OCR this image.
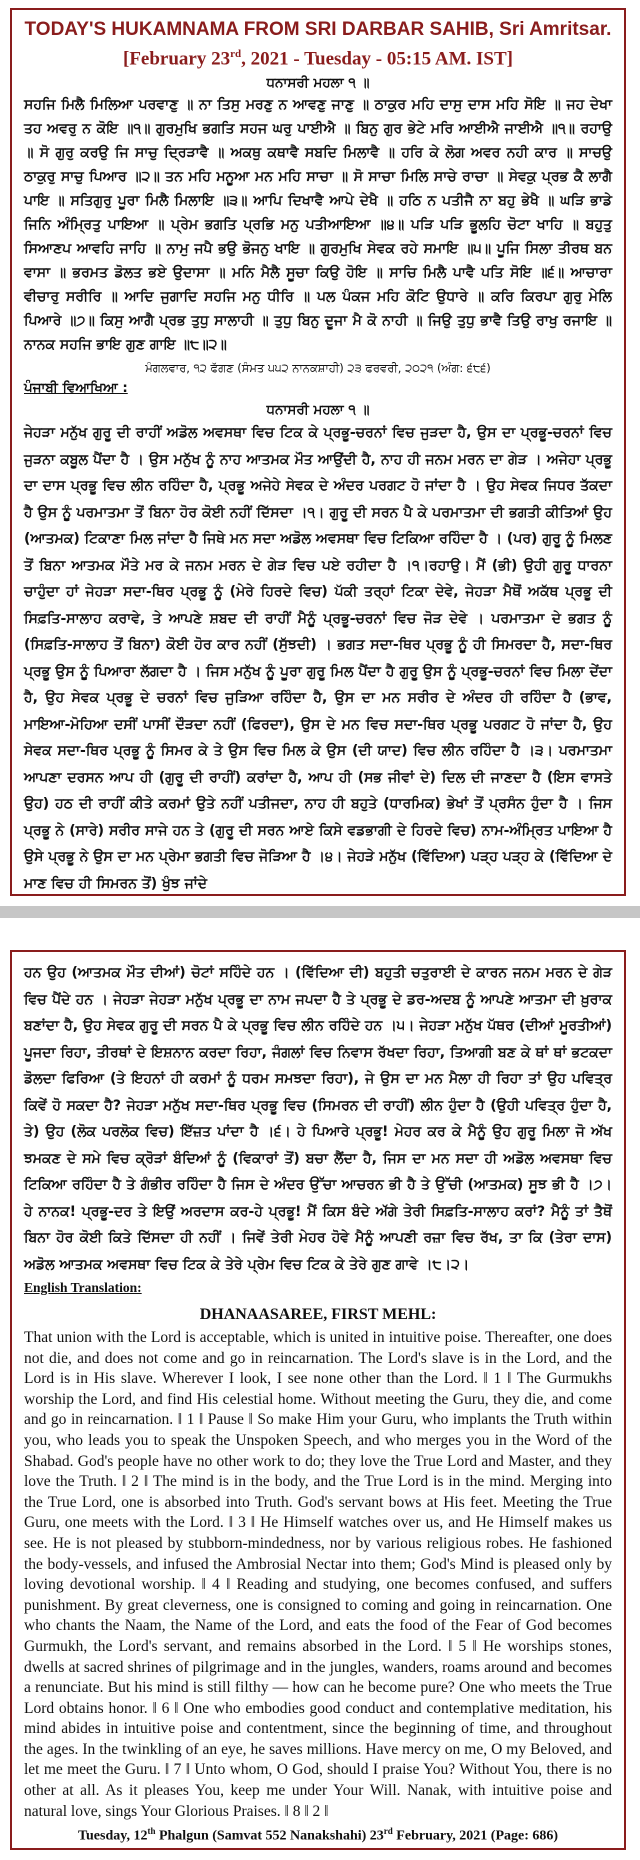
TODAY'S HUKAMNAMA FROM SRI DARBAR SAHIB, Sri Amritsar.

[February 23rd, 2021 - Tuesday - 05:15 AM. IST]

ਧਨਾਸਰੀ ਮਹਲਾ ੧ ॥

ਸਹਜਿ ਮਿਲੈ ਮਿਲਿਆ ਪਰਵਾਣੁ ॥ ਨਾ ਤਿਸੁ ਮਰਣੁ ਨ ਆਵਣੁ ਜਾਣੁ ॥ ਠਾਕੁਰ ਮਹਿ ਦਾਸੁ ਦਾਸ ਮਹਿ ਸੋਇ ॥ ਜਹ ਦੇਖਾ ਤਹ ਅਵਰੁ ਨ ਕੋਇ ॥੧॥ ਗੁਰਮੁਖਿ ਭਗਤਿ ਸਹਜ ਘਰੁ ਪਾਈਐ ॥ ਬਿਨੁ ਗੁਰ ਭੇਟੇ ਮਰਿ ਆਈਐ ਜਾਈਐ ॥੧॥ ਰਹਾਉ ॥ ਸੋ ਗੁਰੁ ਕਰਉ ਜਿ ਸਾਚੁ ਦ੍ਰਿੜਾਵੈ ॥ ਅਕਥੁ ਕਥਾਵੈ ਸਬਦਿ ਮਿਲਾਵੈ ॥ ਹਰਿ ਕੇ ਲੋਗ ਅਵਰ ਨਹੀ ਕਾਰ ॥ ਸਾਚਉ ਠਾਕੁਰੁ ਸਾਚੁ ਪਿਆਰ ॥੨॥ ਤਨ ਮਹਿ ਮਨੂਆ ਮਨ ਮਹਿ ਸਾਚਾ ॥ ਸੋ ਸਾਚਾ ਮਿਲਿ ਸਾਚੇ ਰਾਚਾ ॥ ਸੇਵਕੁ ਪ੍ਰਭ ਕੈ ਲਾਗੈ ਪਾਇ ॥ ਸਤਿਗੁਰੁ ਪੂਰਾ ਮਿਲੈ ਮਿਲਾਇ ॥੩॥ ਆਪਿ ਦਿਖਾਵੈ ਆਪੇ ਦੇਖੈ ॥ ਹਠਿ ਨ ਪਤੀਜੈ ਨਾ ਬਹੁ ਭੇਖੈ ॥ ਘੜਿ ਭਾਡੇ ਜਿਨਿ ਅੰਮ੍ਰਿਤੁ ਪਾਇਆ ॥ ਪ੍ਰੇਮ ਭਗਤਿ ਪ੍ਰਭਿ ਮਨੁ ਪਤੀਆਇਆ ॥੪॥ ਪੜਿ ਪੜਿ ਭੂਲਹਿ ਚੋਟਾ ਖਾਹਿ ॥ ਬਹੁਤੁ ਸਿਆਣਪ ਆਵਹਿ ਜਾਹਿ ॥ ਨਾਮੁ ਜਪੈ ਭਉ ਭੋਜਨੁ ਖਾਇ ॥ ਗੁਰਮੁਖਿ ਸੇਵਕ ਰਹੇ ਸਮਾਇ ॥੫॥ ਪੂਜਿ ਸਿਲਾ ਤੀਰਥ ਬਨ ਵਾਸਾ ॥ ਭਰਮਤ ਡੋਲਤ ਭਏ ਉਦਾਸਾ ॥ ਮਨਿ ਮੈਲੈ ਸੂਚਾ ਕਿਉ ਹੋਇ ॥ ਸਾਚਿ ਮਿਲੈ ਪਾਵੈ ਪਤਿ ਸੋਇ ॥੬॥ ਆਚਾਰਾ ਵੀਚਾਰੁ ਸਰੀਰਿ ॥ ਆਦਿ ਜੁਗਾਦਿ ਸਹਜਿ ਮਨੁ ਧੀਰਿ ॥ ਪਲ ਪੰਕਜ ਮਹਿ ਕੋਟਿ ਉਧਾਰੇ ॥ ਕਰਿ ਕਿਰਪਾ ਗੁਰੁ ਮੇਲਿ ਪਿਆਰੇ ॥੭॥ ਕਿਸੁ ਆਗੈ ਪ੍ਰਭ ਤੁਧੁ ਸਾਲਾਹੀ ॥ ਤੁਧੁ ਬਿਨੁ ਦੂਜਾ ਮੈ ਕੋ ਨਾਹੀ ॥ ਜਿਉ ਤੁਧੁ ਭਾਵੈ ਤਿਉ ਰਾਖੁ ਰਜਾਇ ॥ ਨਾਨਕ ਸਹਜਿ ਭਾਇ ਗੁਣ ਗਾਇ ॥੮॥੨॥

ਮੰਗਲਵਾਰ, ੧੨ ਫੱਗਣ (ਸੰਮਤ ੫੫੨ ਨਾਨਕਸ਼ਾਹੀ) ੨੩ ਫਰਵਰੀ, ੨੦੨੧ (ਅੰਗ: ੬੮੬)

ਪੰਜਾਬੀ ਵਿਆਖਿਆ :

ਧਨਾਸਰੀ ਮਹਲਾ ੧ ॥

ਜੇਹੜਾ ਮਨੁੱਖ ਗੁਰੂ ਦੀ ਰਾਹੀਂ ਅਡੋਲ ਅਵਸਥਾ ਵਿਚ ਟਿਕ ਕੇ ਪ੍ਰਭੂ-ਚਰਨਾਂ ਵਿਚ ਜੁੜਦਾ ਹੈ, ਉਸ ਦਾ ਪ੍ਰਭੂ-ਚਰਨਾਂ ਵਿਚ ਜੁੜਨਾ ਕਬੂਲ ਪੈਂਦਾ ਹੈ । ਉਸ ਮਨੁੱਖ ਨੂੰ ਨਾਹ ਆਤਮਕ ਮੌਤ ਆਉਂਦੀ ਹੈ, ਨਾਹ ਹੀ ਜਨਮ ਮਰਨ ਦਾ ਗੇੜ । ਅਜੇਹਾ ਪ੍ਰਭੂ ਦਾ ਦਾਸ ਪ੍ਰਭੂ ਵਿਚ ਲੀਨ ਰਹਿੰਦਾ ਹੈ, ਪ੍ਰਭੂ ਅਜੇਹੇ ਸੇਵਕ ਦੇ ਅੰਦਰ ਪਰਗਟ ਹੋ ਜਾਂਦਾ ਹੈ । ਉਹ ਸੇਵਕ ਜਿਧਰ ਤੱਕਦਾ ਹੈ ਉਸ ਨੂੰ ਪਰਮਾਤਮਾ ਤੋਂ ਬਿਨਾ ਹੋਰ ਕੋਈ ਨਹੀਂ ਦਿੱਸਦਾ ।੧। ਗੁਰੂ ਦੀ ਸਰਨ ਪੈ ਕੇ ਪਰਮਾਤਮਾ ਦੀ ਭਗਤੀ ਕੀਤਿਆਂ ਉਹ (ਆਤਮਕ) ਟਿਕਾਣਾ ਮਿਲ ਜਾਂਦਾ ਹੈ ਜਿਥੇ ਮਨ ਸਦਾ ਅਡੋਲ ਅਵਸਥਾ ਵਿਚ ਟਿਕਿਆ ਰਹਿੰਦਾ ਹੈ । (ਪਰ) ਗੁਰੂ ਨੂੰ ਮਿਲਣ ਤੋਂ ਬਿਨਾ ਆਤਮਕ ਮੌਤੇ ਮਰ ਕੇ ਜਨਮ ਮਰਨ ਦੇ ਗੇੜ ਵਿਚ ਪਏ ਰਹੀਦਾ ਹੈ ।੧।ਰਹਾਉ। ਮੈਂ (ਭੀ) ਉਹੀ ਗੁਰੂ ਧਾਰਨਾ ਚਾਹੁੰਦਾ ਹਾਂ ਜੇਹੜਾ ਸਦਾ-ਥਿਰ ਪ੍ਰਭੂ ਨੂੰ (ਮੇਰੇ ਹਿਰਦੇ ਵਿਚ) ਪੱਕੀ ਤਰ੍ਹਾਂ ਟਿਕਾ ਦੇਵੇ, ਜੇਹੜਾ ਮੈਥੋਂ ਅਕੱਥ ਪ੍ਰਭੂ ਦੀ ਸਿਫ਼ਤਿ-ਸਾਲਾਹ ਕਰਾਵੇ, ਤੇ ਆਪਣੇ ਸ਼ਬਦ ਦੀ ਰਾਹੀਂ ਮੈਨੂੰ ਪ੍ਰਭੂ-ਚਰਨਾਂ ਵਿਚ ਜੋੜ ਦੇਵੇ । ਪਰਮਾਤਮਾ ਦੇ ਭਗਤ ਨੂੰ (ਸਿਫ਼ਤਿ-ਸਾਲਾਹ ਤੋਂ ਬਿਨਾ) ਕੋਈ ਹੋਰ ਕਾਰ ਨਹੀਂ (ਸੁੱਝਦੀ) । ਭਗਤ ਸਦਾ-ਥਿਰ ਪ੍ਰਭੂ ਨੂੰ ਹੀ ਸਿਮਰਦਾ ਹੈ, ਸਦਾ-ਥਿਰ ਪ੍ਰਭੂ ਉਸ ਨੂੰ ਪਿਆਰਾ ਲੱਗਦਾ ਹੈ । ਜਿਸ ਮਨੁੱਖ ਨੂੰ ਪੂਰਾ ਗੁਰੂ ਮਿਲ ਪੈਂਦਾ ਹੈ ਗੁਰੂ ਉਸ ਨੂੰ ਪ੍ਰਭੂ-ਚਰਨਾਂ ਵਿਚ ਮਿਲਾ ਦੇਂਦਾ ਹੈ, ਉਹ ਸੇਵਕ ਪ੍ਰਭੂ ਦੇ ਚਰਨਾਂ ਵਿਚ ਜੁੜਿਆ ਰਹਿੰਦਾ ਹੈ, ਉਸ ਦਾ ਮਨ ਸਰੀਰ ਦੇ ਅੰਦਰ ਹੀ ਰਹਿੰਦਾ ਹੈ (ਭਾਵ, ਮਾਇਆ-ਮੋਹਿਆ ਦਸੀਂ ਪਾਸੀਂ ਦੌੜਦਾ ਨਹੀਂ (ਫਿਰਦਾ), ਉਸ ਦੇ ਮਨ ਵਿਚ ਸਦਾ-ਥਿਰ ਪ੍ਰਭੂ ਪਰਗਟ ਹੋ ਜਾਂਦਾ ਹੈ, ਉਹ ਸੇਵਕ ਸਦਾ-ਥਿਰ ਪ੍ਰਭੂ ਨੂੰ ਸਿਮਰ ਕੇ ਤੇ ਉਸ ਵਿਚ ਮਿਲ ਕੇ ਉਸ (ਦੀ ਯਾਦ) ਵਿਚ ਲੀਨ ਰਹਿੰਦਾ ਹੈ ।੩। ਪਰਮਾਤਮਾ ਆਪਣਾ ਦਰਸਨ ਆਪ ਹੀ (ਗੁਰੂ ਦੀ ਰਾਹੀਂ) ਕਰਾਂਦਾ ਹੈ, ਆਪ ਹੀ (ਸਭ ਜੀਵਾਂ ਦੇ) ਦਿਲ ਦੀ ਜਾਣਦਾ ਹੈ (ਇਸ ਵਾਸਤੇ ਉਹ) ਹਠ ਦੀ ਰਾਹੀਂ ਕੀਤੇ ਕਰਮਾਂ ਉਤੇ ਨਹੀਂ ਪਤੀਜਦਾ, ਨਾਹ ਹੀ ਬਹੁਤੇ (ਧਾਰਮਿਕ) ਭੇਖਾਂ ਤੋਂ ਪ੍ਰਸੰਨ ਹੁੰਦਾ ਹੈ । ਜਿਸ ਪ੍ਰਭੂ ਨੇ (ਸਾਰੇ) ਸਰੀਰ ਸਾਜੇ ਹਨ ਤੇ (ਗੁਰੂ ਦੀ ਸਰਨ ਆਏ ਕਿਸੇ ਵਡਭਾਗੀ ਦੇ ਹਿਰਦੇ ਵਿਚ) ਨਾਮ-ਅੰਮ੍ਰਿਤ ਪਾਇਆ ਹੈ ਉਸੇ ਪ੍ਰਭੂ ਨੇ ਉਸ ਦਾ ਮਨ ਪ੍ਰੇਮਾ ਭਗਤੀ ਵਿਚ ਜੋੜਿਆ ਹੈ ।੪। ਜੇਹੜੇ ਮਨੁੱਖ (ਵਿੱਦਿਆ) ਪੜ੍ਹ ਪੜ੍ਹ ਕੇ (ਵਿੱਦਿਆ ਦੇ ਮਾਣ ਵਿਚ ਹੀ ਸਿਮਰਨ ਤੋਂ) ਖੁੰਝ ਜਾਂਦੇ

ਹਨ ਉਹ (ਆਤਮਕ ਮੌਤ ਦੀਆਂ) ਚੋਟਾਂ ਸਹਿੰਦੇ ਹਨ । (ਵਿੱਦਿਆ ਦੀ) ਬਹੁਤੀ ਚਤੁਰਾਈ ਦੇ ਕਾਰਨ ਜਨਮ ਮਰਨ ਦੇ ਗੇੜ ਵਿਚ ਪੈਂਦੇ ਹਨ । ਜੇਹੜਾ ਜੇਹੜਾ ਮਨੁੱਖ ਪ੍ਰਭੂ ਦਾ ਨਾਮ ਜਪਦਾ ਹੈ ਤੇ ਪ੍ਰਭੂ ਦੇ ਡਰ-ਅਦਬ ਨੂੰ ਆਪਣੇ ਆਤਮਾ ਦੀ ਖ਼ੁਰਾਕ ਬਣਾਂਦਾ ਹੈ, ਉਹ ਸੇਵਕ ਗੁਰੂ ਦੀ ਸਰਨ ਪੈ ਕੇ ਪ੍ਰਭੂ ਵਿਚ ਲੀਨ ਰਹਿੰਦੇ ਹਨ ।੫। ਜੇਹੜਾ ਮਨੁੱਖ ਪੱਥਰ (ਦੀਆਂ ਮੂਰਤੀਆਂ) ਪੂਜਦਾ ਰਿਹਾ, ਤੀਰਥਾਂ ਦੇ ਇਸ਼ਨਾਨ ਕਰਦਾ ਰਿਹਾ, ਜੰਗਲਾਂ ਵਿਚ ਨਿਵਾਸ ਰੱਖਦਾ ਰਿਹਾ, ਤਿਆਗੀ ਬਣ ਕੇ ਥਾਂ ਥਾਂ ਭਟਕਦਾ ਡੋਲਦਾ ਫਿਰਿਆ (ਤੇ ਇਹਨਾਂ ਹੀ ਕਰਮਾਂ ਨੂੰ ਧਰਮ ਸਮਝਦਾ ਰਿਹਾ), ਜੇ ਉਸ ਦਾ ਮਨ ਮੈਲਾ ਹੀ ਰਿਹਾ ਤਾਂ ਉਹ ਪਵਿਤ੍ਰ ਕਿਵੇਂ ਹੋ ਸਕਦਾ ਹੈ? ਜੇਹੜਾ ਮਨੁੱਖ ਸਦਾ-ਥਿਰ ਪ੍ਰਭੂ ਵਿਚ (ਸਿਮਰਨ ਦੀ ਰਾਹੀਂ) ਲੀਨ ਹੁੰਦਾ ਹੈ (ਉਹੀ ਪਵਿਤ੍ਰ ਹੁੰਦਾ ਹੈ, ਤੇ) ਉਹ (ਲੋਕ ਪਰਲੋਕ ਵਿਚ) ਇੱਜ਼ਤ ਪਾਂਦਾ ਹੈ ।੬। ਹੇ ਪਿਆਰੇ ਪ੍ਰਭੂ! ਮੇਹਰ ਕਰ ਕੇ ਮੈਨੂੰ ਉਹ ਗੁਰੂ ਮਿਲਾ ਜੋ ਅੱਖ ਝਮਕਣ ਦੇ ਸਮੇ ਵਿਚ ਕ੍ਰੋੜਾਂ ਬੰਦਿਆਂ ਨੂੰ (ਵਿਕਾਰਾਂ ਤੋਂ) ਬਚਾ ਲੈਂਦਾ ਹੈ, ਜਿਸ ਦਾ ਮਨ ਸਦਾ ਹੀ ਅਡੋਲ ਅਵਸਥਾ ਵਿਚ ਟਿਕਿਆ ਰਹਿੰਦਾ ਹੈ ਤੇ ਗੰਭੀਰ ਰਹਿੰਦਾ ਹੈ ਜਿਸ ਦੇ ਅੰਦਰ ਉੱਚਾ ਆਚਰਨ ਭੀ ਹੈ ਤੇ ਉੱਚੀ (ਆਤਮਕ) ਸੂਝ ਭੀ ਹੈ ।੭। ਹੇ ਨਾਨਕ! ਪ੍ਰਭੂ-ਦਰ ਤੇ ਇਉਂ ਅਰਦਾਸ ਕਰ-ਹੇ ਪ੍ਰਭੂ! ਮੈਂ ਕਿਸ ਬੰਦੇ ਅੱਗੇ ਤੇਰੀ ਸਿਫ਼ਤਿ-ਸਾਲਾਹ ਕਰਾਂ? ਮੈਨੂੰ ਤਾਂ ਤੈਥੋਂ ਬਿਨਾ ਹੋਰ ਕੋਈ ਕਿਤੇ ਦਿੱਸਦਾ ਹੀ ਨਹੀਂ । ਜਿਵੇਂ ਤੇਰੀ ਮੇਹਰ ਹੋਵੇ ਮੈਨੂੰ ਆਪਣੀ ਰਜ਼ਾ ਵਿਚ ਰੱਖ, ਤਾ ਕਿ (ਤੇਰਾ ਦਾਸ) ਅਡੋਲ ਆਤਮਕ ਅਵਸਥਾ ਵਿਚ ਟਿਕ ਕੇ ਤੇਰੇ ਪ੍ਰੇਮ ਵਿਚ ਟਿਕ ਕੇ ਤੇਰੇ ਗੁਣ ਗਾਵੇ ।੮।੨।

English Translation:

DHANAASAREE, FIRST MEHL:

That union with the Lord is acceptable, which is united in intuitive poise. Thereafter, one does not die, and does not come and go in reincarnation. The Lord's slave is in the Lord, and the Lord is in His slave. Wherever I look, I see none other than the Lord. ‖ 1 ‖ The Gurmukhs worship the Lord, and find His celestial home. Without meeting the Guru, they die, and come and go in reincarnation. ‖ 1 ‖ Pause ‖ So make Him your Guru, who implants the Truth within you, who leads you to speak the Unspoken Speech, and who merges you in the Word of the Shabad. God's people have no other work to do; they love the True Lord and Master, and they love the Truth. ‖ 2 ‖ The mind is in the body, and the True Lord is in the mind. Merging into the True Lord, one is absorbed into Truth. God's servant bows at His feet. Meeting the True Guru, one meets with the Lord. ‖ 3 ‖ He Himself watches over us, and He Himself makes us see. He is not pleased by stubborn-mindedness, nor by various religious robes. He fashioned the body-vessels, and infused the Ambrosial Nectar into them; God's Mind is pleased only by loving devotional worship. ‖ 4 ‖ Reading and studying, one becomes confused, and suffers punishment. By great cleverness, one is consigned to coming and going in reincarnation. One who chants the Naam, the Name of the Lord, and eats the food of the Fear of God becomes Gurmukh, the Lord's servant, and remains absorbed in the Lord. ‖ 5 ‖ He worships stones, dwells at sacred shrines of pilgrimage and in the jungles, wanders, roams around and becomes a renunciate. But his mind is still filthy — how can he become pure? One who meets the True Lord obtains honor. ‖ 6 ‖ One who embodies good conduct and contemplative meditation, his mind abides in intuitive poise and contentment, since the beginning of time, and throughout the ages. In the twinkling of an eye, he saves millions. Have mercy on me, O my Beloved, and let me meet the Guru. ‖ 7 ‖ Unto whom, O God, should I praise You? Without You, there is no other at all. As it pleases You, keep me under Your Will. Nanak, with intuitive poise and natural love, sings Your Glorious Praises. ‖ 8 ‖ 2 ‖

Tuesday, 12th Phalgun (Samvat 552 Nanakshahi) 23rd February, 2021 (Page: 686)
